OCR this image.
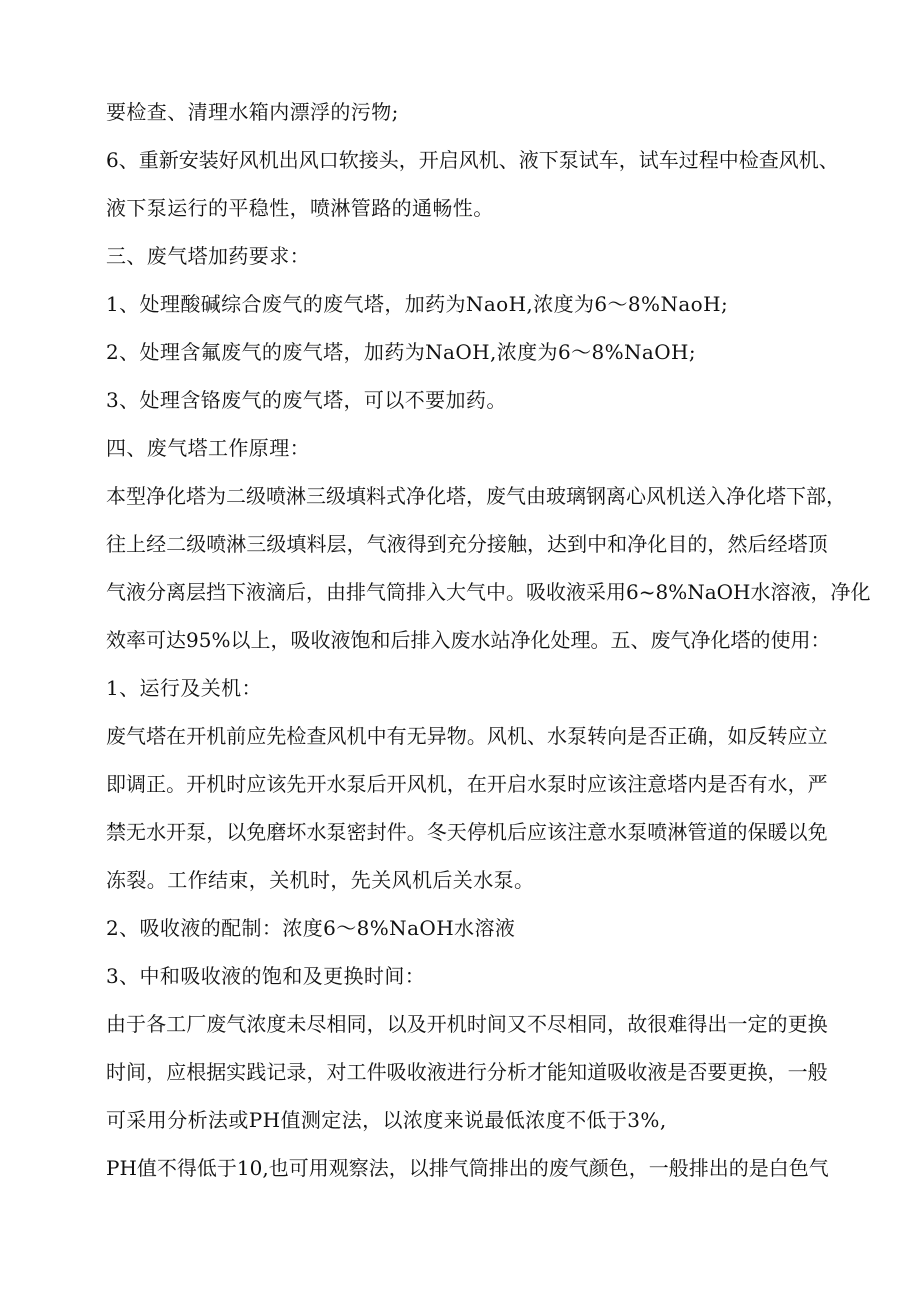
要检查、清理水箱内漂浮的污物;

6 、 重 新 安 装 好 风 机 出 风 口 软 接 头 ， 开 启 风 机 、 液 下 泵 试 车 ， 试 车 过 程 中 检 查 风 机 、

液下泵运行的平稳性，喷淋管路的通畅性。

三、废气塔加药要求：

1、处理酸碱综合废气的废气塔，加药为NaoH,浓度为6～8%NaoH;

2、处理含氟废气的废气塔，加药为NaOH,浓度为6～8%NaOH;

3、处理含铬废气的废气塔，可以不要加药。

四、废气塔工作原理：

本 型 净 化 塔 为 二 级 喷 淋 三 级 填 料 式 净 化 塔 ， 废 气 由 玻 璃 钢 离 心 风 机 送 入 净 化 塔 下 部 ，

往 上 经 二 级 喷 淋 三 级 填 料 层 ， 气 液 得 到 充 分 接 触 ， 达 到 中 和 净 化 目 的 ， 然 后 经 塔 顶

气 液 分 离 层 挡 下 液 滴 后 ， 由 排 气 筒 排 入 大 气 中 。 吸 收 液 采 用 6~8%NaOH 水 溶 液 ， 净 化

效 率 可 达 95% 以 上 ， 吸 收 液 饱 和 后 排 入 废 水 站 净 化 处 理 。 五 、 废 气 净 化 塔 的 使 用 ：

1、运行及关机：

废 气 塔 在 开 机 前 应 先 检 查 风 机 中 有 无 异 物 。 风 机 、 水 泵 转 向 是 否 正 确 ， 如 反 转 应 立

即 调 正 。 开 机 时 应 该 先 开 水 泵 后 开 风 机 ， 在 开 启 水 泵 时 应 该 注 意 塔 内 是 否 有 水 ， 严

禁 无 水 开 泵 ， 以 免 磨 坏 水 泵 密 封 件 。 冬 天 停 机 后 应 该 注 意 水 泵 喷 淋 管 道 的 保 暖 以 免

冻裂。工作结束，关机时，先关风机后关水泵。

2、吸收液的配制：浓度6～8%NaOH水溶液

3、中和吸收液的饱和及更换时间：

由 于 各 工 厂 废 气 浓 度 未 尽 相 同 ， 以 及 开 机 时 间 又 不 尽 相 同 ， 故 很 难 得 出 一 定 的 更 换

时 间 ， 应 根 据 实 践 记 录 ， 对 工 件 吸 收 液 进 行 分 析 才 能 知 道 吸 收 液 是 否 要 更 换 ， 一 般

可采用分析法或PH值测定法，以浓度来说最低浓度不低于3%,

PH 值 不 得 低 于 10, 也 可 用 观 察 法 ， 以 排 气 筒 排 出 的 废 气 颜 色 ， 一 般 排 出 的 是 白 色 气
